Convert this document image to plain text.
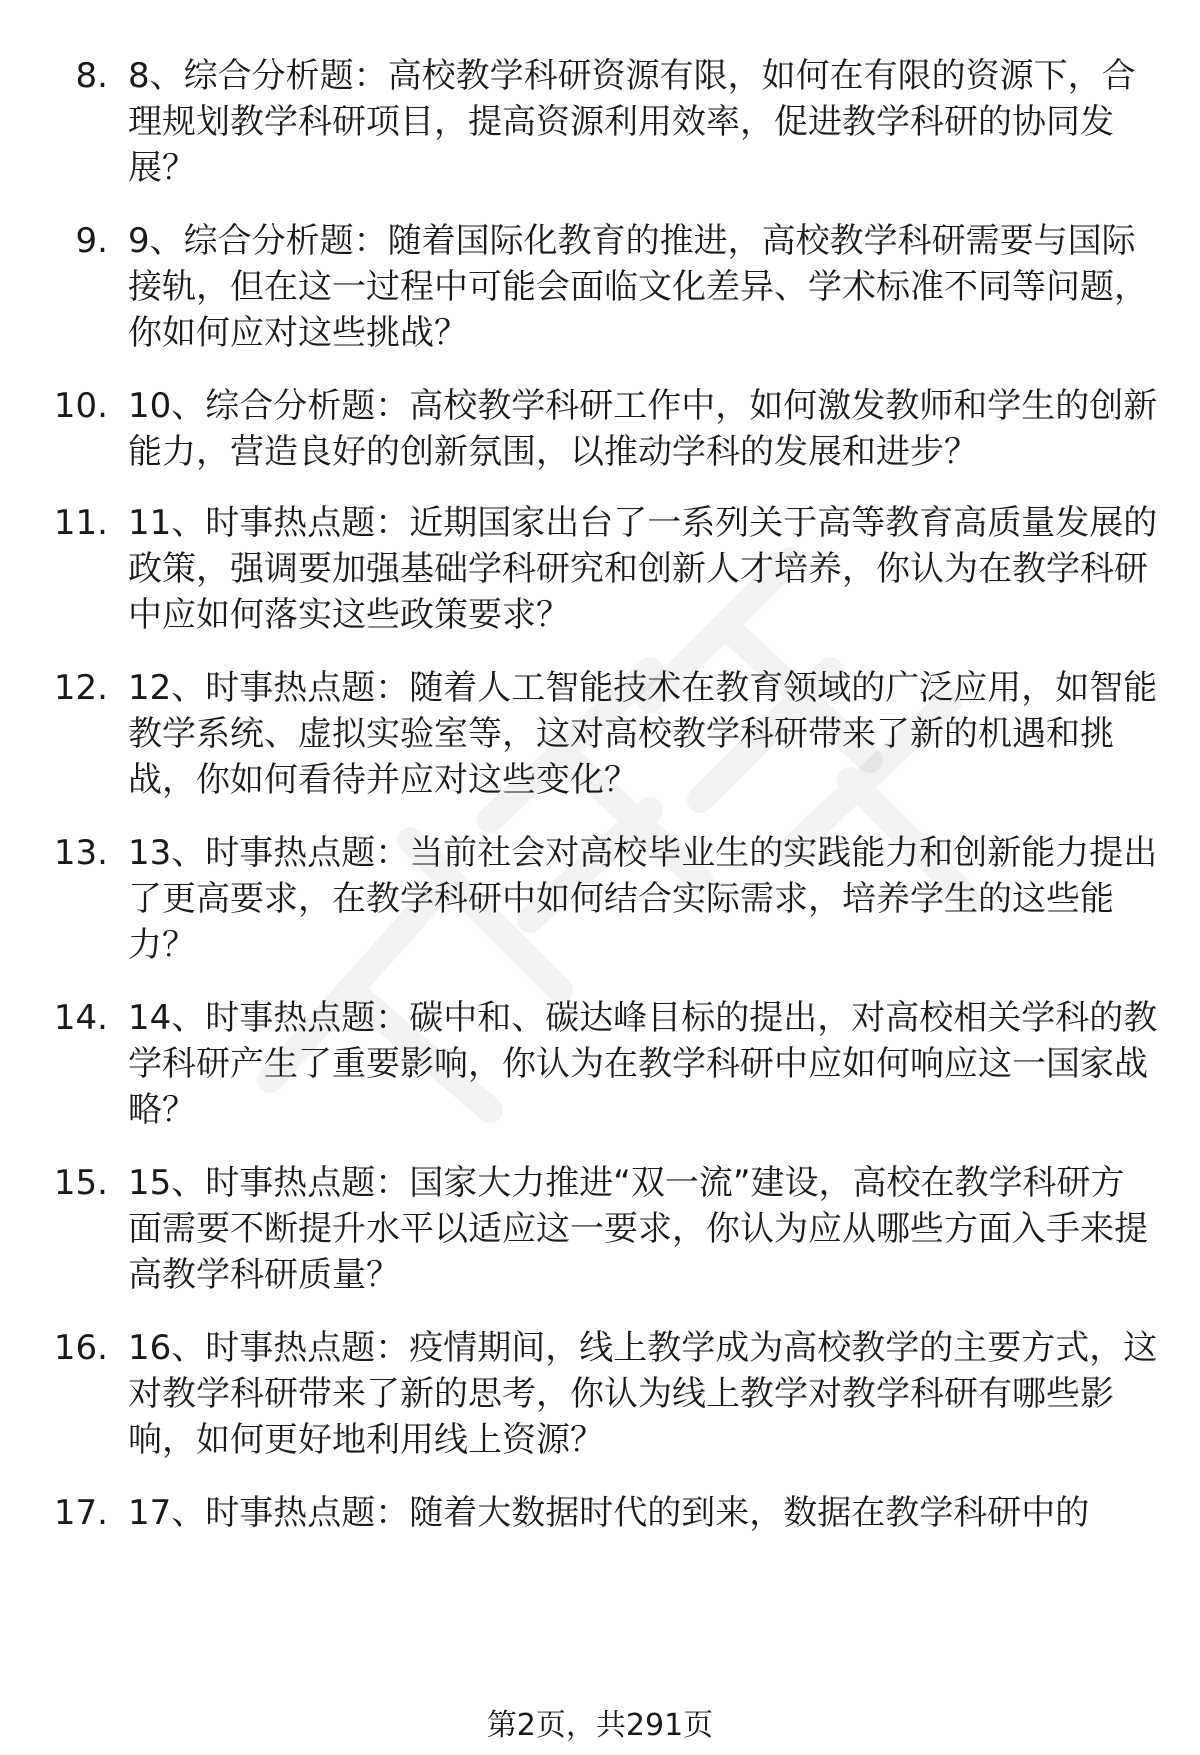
8. 8、综合分析题：高校教学科研资源有限，如何在有限的资源下，合理规划教学科研项目，提高资源利用效率，促进教学科研的协同发展？
9. 9、综合分析题：随着国际化教育的推进，高校教学科研需要与国际接轨，但在这一过程中可能会面临文化差异、学术标准不同等问题，你如何应对这些挑战？
10. 10、综合分析题：高校教学科研工作中，如何激发教师和学生的创新能力，营造良好的创新氛围，以推动学科的发展和进步？
11. 11、时事热点题：近期国家出台了一系列关于高等教育高质量发展的政策，强调要加强基础学科研究和创新人才培养，你认为在教学科研中应如何落实这些政策要求？
12. 12、时事热点题：随着人工智能技术在教育领域的广泛应用，如智能教学系统、虚拟实验室等，这对高校教学科研带来了新的机遇和挑战，你如何看待并应对这些变化？
13. 13、时事热点题：当前社会对高校毕业生的实践能力和创新能力提出了更高要求，在教学科研中如何结合实际需求，培养学生的这些能力？
14. 14、时事热点题：碳中和、碳达峰目标的提出，对高校相关学科的教学科研产生了重要影响，你认为在教学科研中应如何响应这一国家战略？
15. 15、时事热点题：国家大力推进“双一流”建设，高校在教学科研方面需要不断提升水平以适应这一要求，你认为应从哪些方面入手来提高教学科研质量？
16. 16、时事热点题：疫情期间，线上教学成为高校教学的主要方式，这对教学科研带来了新的思考，你认为线上教学对教学科研有哪些影响，如何更好地利用线上资源？
17. 17、时事热点题：随着大数据时代的到来，数据在教学科研中的
第2页，共291页
